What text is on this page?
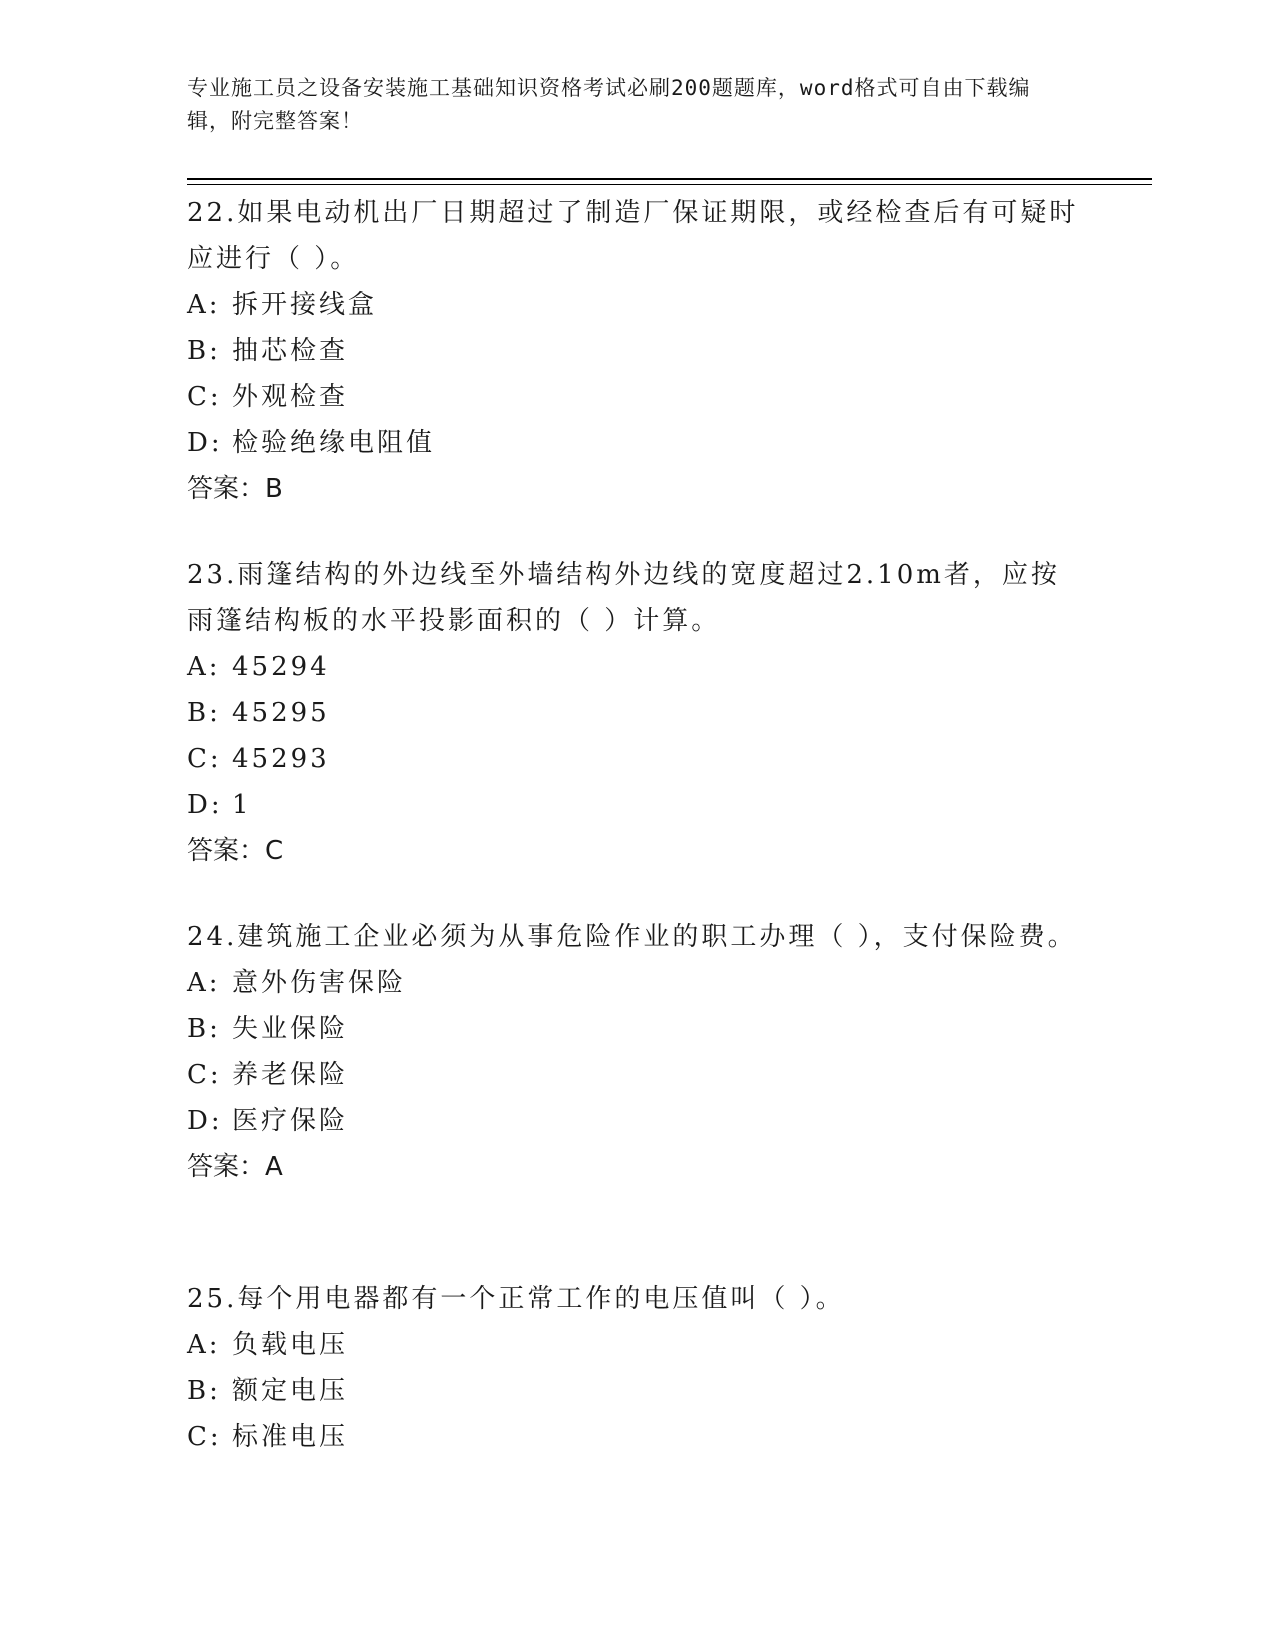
专业施工员之设备安装施工基础知识资格考试必刷200题题库，word格式可自由下载编辑，附完整答案！

22.如果电动机出厂日期超过了制造厂保证期限，或经检查后有可疑时应进行（ ）。

A: 拆开接线盒

B: 抽芯检查

C: 外观检查

D: 检验绝缘电阻值

答案：B

23.雨篷结构的外边线至外墙结构外边线的宽度超过2.10m者，应按雨篷结构板的水平投影面积的（ ）计算。

A: 45294

B: 45295

C: 45293

D: 1

答案：C

24.建筑施工企业必须为从事危险作业的职工办理（ ），支付保险费。

A: 意外伤害保险

B: 失业保险

C: 养老保险

D: 医疗保险

答案：A

25.每个用电器都有一个正常工作的电压值叫（ ）。

A: 负载电压

B: 额定电压

C: 标准电压
